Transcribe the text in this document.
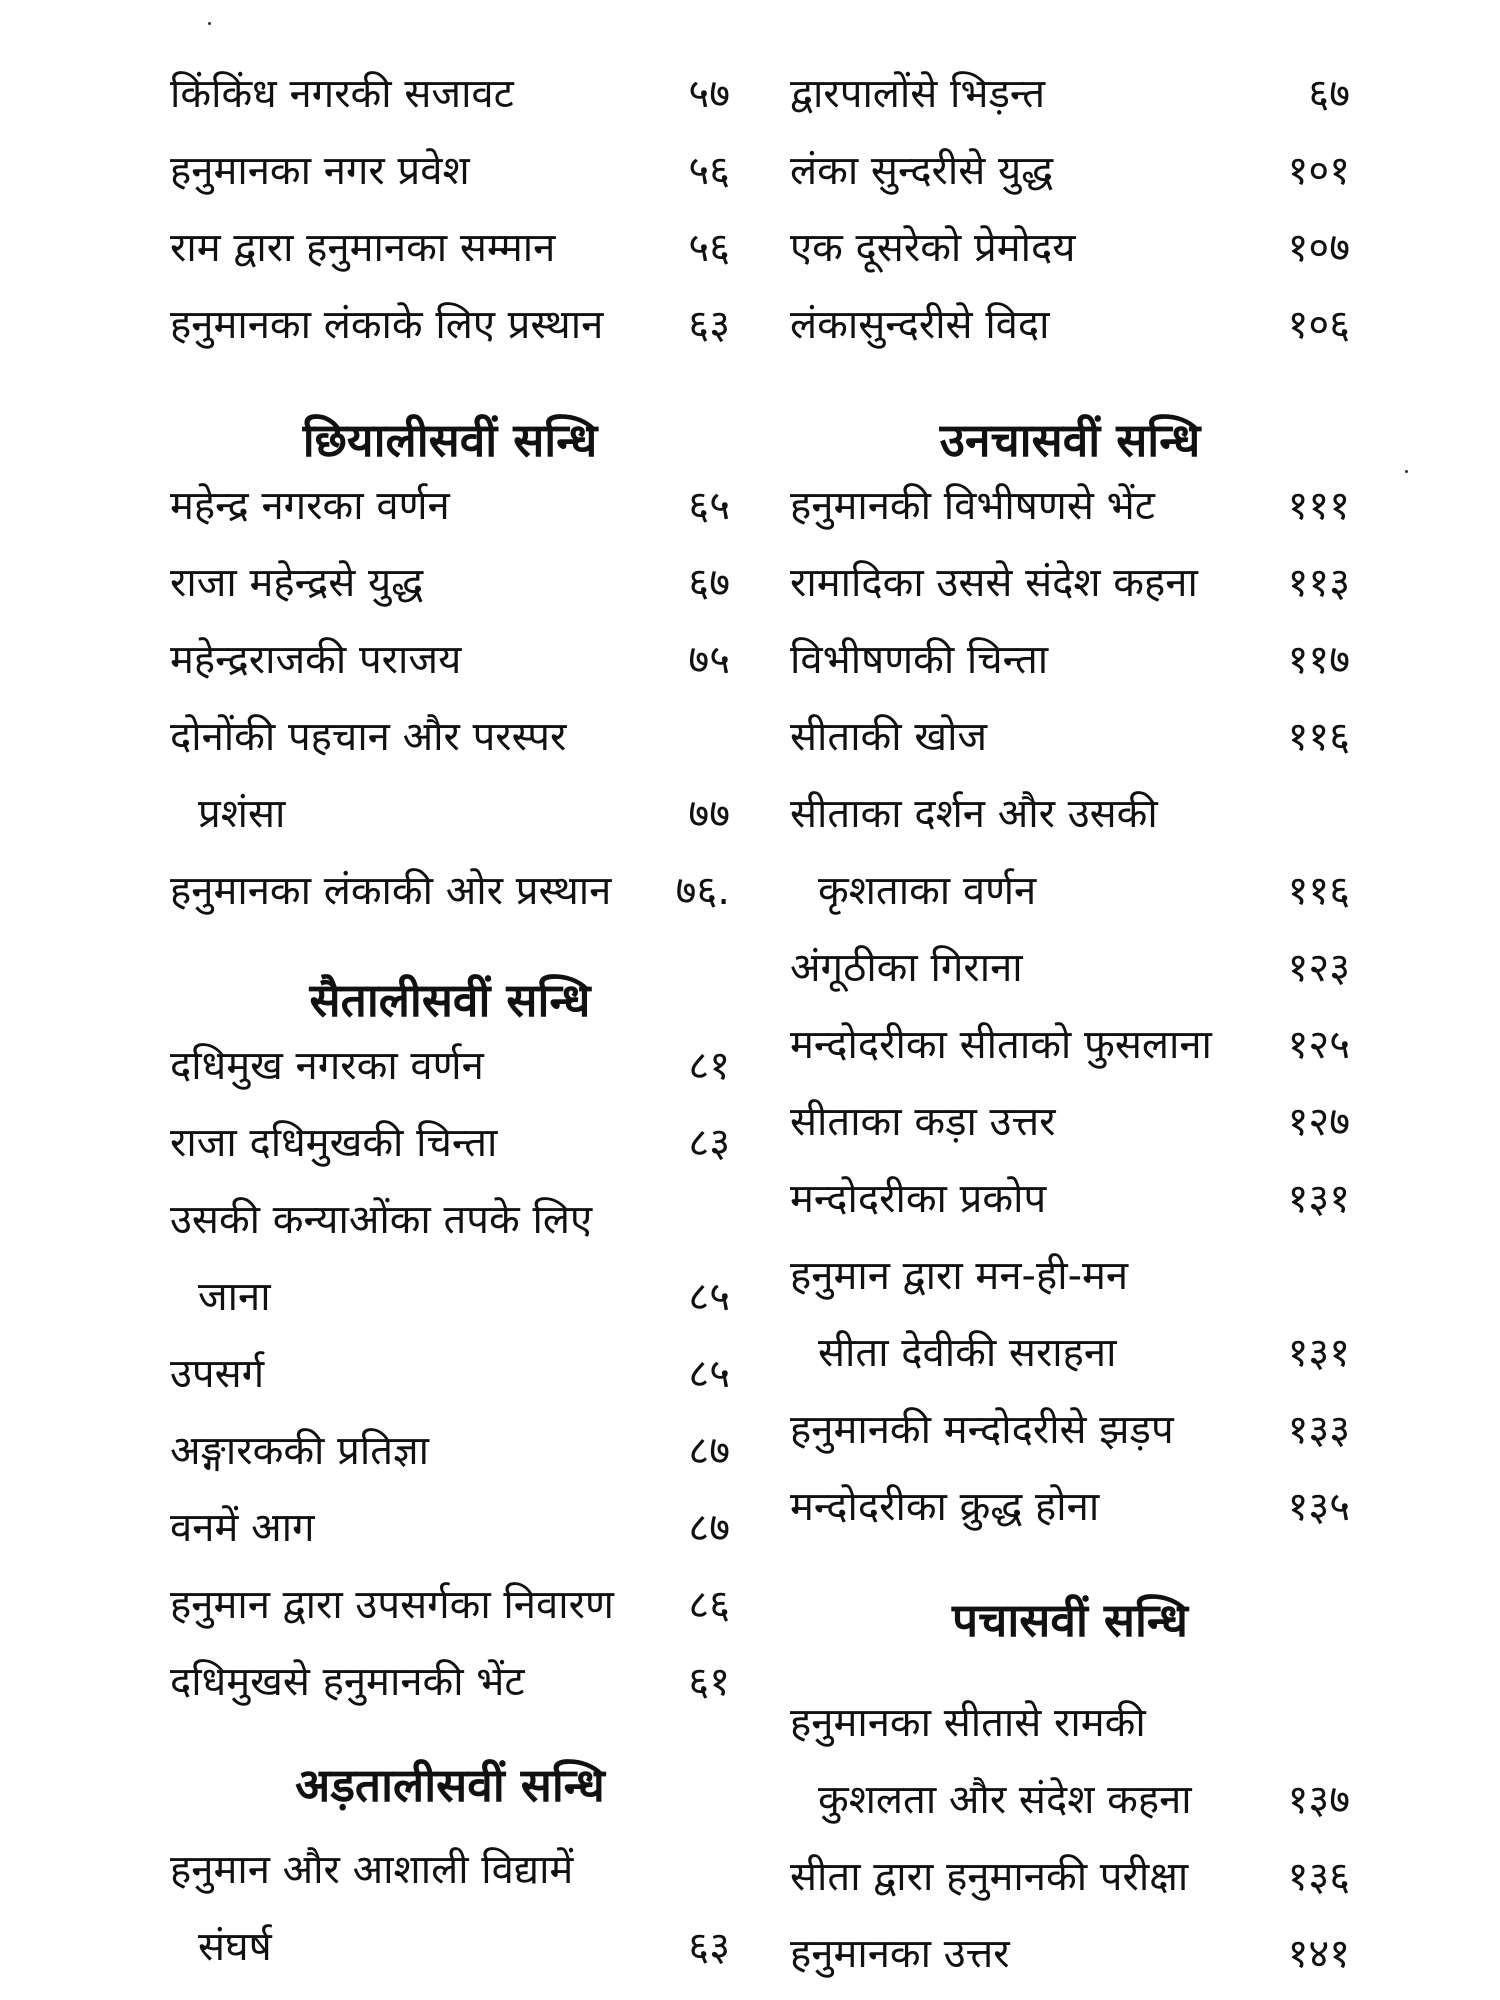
किंकिंध नगरकी सजावट	५७
हनुमानका नगर प्रवेश	५६
राम द्वारा हनुमानका सम्मान	५६
हनुमानका लंकाके लिए प्रस्थान ६३
छियालीसवीं सन्धि
महेन्द्र नगरका वर्णन	६५
राजा महेन्द्रसे युद्ध	६७
महेन्द्रराजकी पराजय	७५
दोनोंकी पहचान और परस्पर
प्रशंसा	७७
हनुमानका लंकाकी ओर प्रस्थान ७६.
सैतालीसवीं सन्धि
दधिमुख नगरका वर्णन	८१
राजा दधिमुखकी चिन्ता	८३
उसकी कन्याओंका तपके लिए
जाना	८५
उपसर्ग	८५
अङ्गारककी प्रतिज्ञा	८७
वनमें आग	८७
हनुमान द्वारा उपसर्गका निवारण ८६
दधिमुखसे हनुमानकी भेंट	६१
अड़तालीसवीं सन्धि
हनुमान और आशाली विद्यामें
संघर्ष	६३
द्वारपालोंसे भिड़न्त	६७
लंका सुन्दरीसे युद्ध	१०१
एक दूसरेको प्रेमोदय	१०७
लंकासुन्दरीसे विदा	१०६
उनचासवीं सन्धि
हनुमानकी विभीषणसे भेंट	१११
रामादिका उससे संदेश कहना ११३
विभीषणकी चिन्ता	११७
सीताकी खोज	११६
सीताका दर्शन और उसकी
कृशताका वर्णन	११६
अंगूठीका गिराना	१२३
मन्दोदरीका सीताको फुसलाना १२५
सीताका कड़ा उत्तर	१२७
मन्दोदरीका प्रकोप	१३१
हनुमान द्वारा मन-ही-मन
सीता देवीकी सराहना	१३१
हनुमानकी मन्दोदरीसे झड़प	१३३
मन्दोदरीका क्रुद्ध होना	१३५
पचासवीं सन्धि
हनुमानका सीतासे रामकी
कुशलता और संदेश कहना १३७
सीता द्वारा हनुमानकी परीक्षा १३६
हनुमानका उत्तर	१४१
